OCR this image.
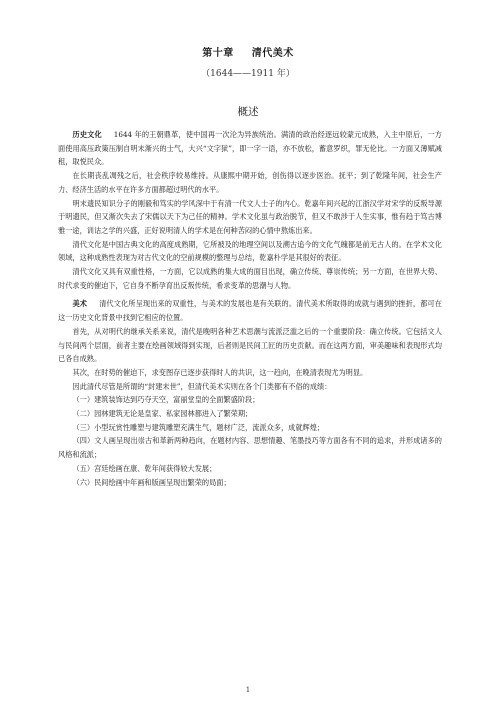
第十章 清代美术
（1644——1911 年）
概述

历史文化 1644 年的王朝鼎革，使中国再一次沦为异族统治。满清的政治经逐远较蒙元成熟，入主中原后，一方面使用高压政策压制自明末渐兴的士气，大兴“文字狱”，即一字一语，亦不放松，蓄意罗织，罪无伦比。一方面又薄赋减租，取悦民众。

在长期丧乱凋残之后，社会秩序较易维持。从康熙中期开始，创伤得以逐步医治。抚平；到了乾隆年间，社会生产力、经济生活的水平在许多方面都超过明代的水平。

明末遗民知识分子的刚毅和笃实的学风深中于有清一代文人士子的内心。乾嘉年间兴起的江浙汉学对宋学的反叛导源于明遗民，但又渐次失去了宋儒以天下为己任的精神。学术文化虽与政治脱节，但又不敢涉于人生实事，惟有趋于笃古博雅一途，训诂之学的兴盛，正好说明清人的学术是在何种苦闷的心情中熬炼出来。

清代文化是中国古典文化的高度成熟期，它所被及的地理空间以及溯古追今的文化气魄都是前无古人的。在学术文化领域，这种成熟性表现为对古代文化的空前规模的整理与总结，乾嘉朴学是其很好的表征。

清代文化又具有双重性格，一方面，它以成熟的集大成的面目出现，确立传统、尊崇传统；另一方面，在世界大势、时代求变的催迫下，它自身不断孕育出反叛传统，希求变革的思潮与人物。

美术 清代文化所呈现出来的双重性，与美术的发展也是有关联的。清代美术所取得的成就与遇到的挫折，都可在这一历史文化背景中找到它相应的位置。

首先，从对明代的继承关系来说，清代是晚明各种艺术思潮与流派泛滥之后的一个重要阶段：确立传统。它包括文人与民间两个层面，前者主要在绘画领域得到实现，后者则是民间工匠的历史贡献。而在这两方面，审美趣味和表现形式均已各自成熟。

其次，在时势的催迫下，求变图存已逐步获得时人的共识，这一趋向，在晚清表现尤为明显。

因此清代尽管是所谓的“封建末世”，但清代美术实则在各个门类都有不俗的成绩：

（一）建筑装饰达到巧夺天空，富丽堂皇的全面繁盛阶段；

（二）园林建筑无论是皇家、私家园林都进入了繁荣期；

（三）小型玩赏性雕塑与建筑雕塑充满生气，题材广泛，流派众多，成就辉煌；

（四）文人画呈现出崇古和革新两种趋向，在题材内容、思想情趣、笔墨技巧等方面各有不同的追求，并形成诸多的风格和流派；

（五）宫廷绘画在康、乾年间获得较大发展；

（六）民间绘画中年画和版画呈现出繁荣的局面；

1
